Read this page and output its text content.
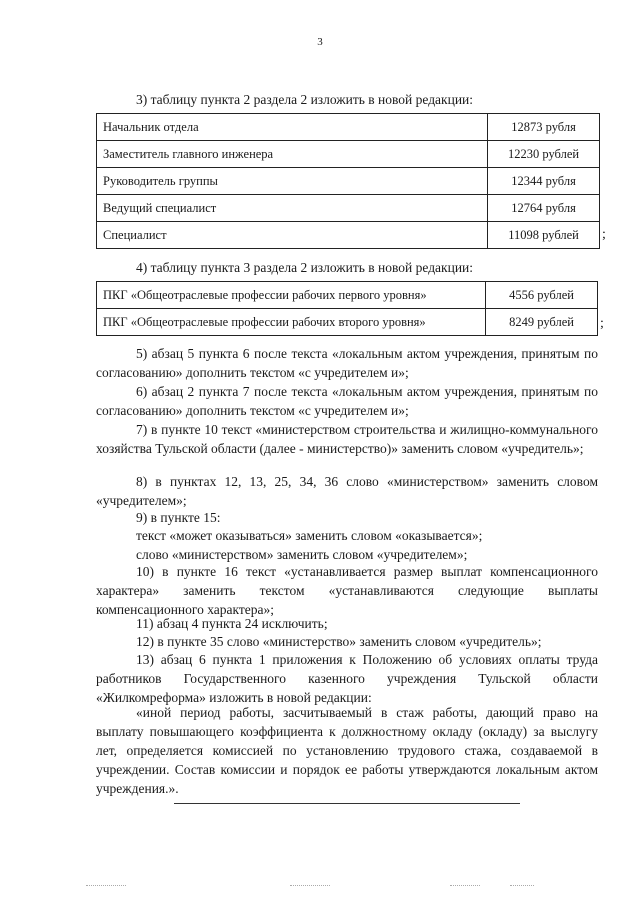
3

3) таблицу пункта 2 раздела 2 изложить в новой редакции:

Начальник отдела	12873 рубля
Заместитель главного инженера	12230 рублей
Руководитель группы	12344 рубля
Ведущий специалист	12764 рубля
Специалист	11098 рублей ;

4) таблицу пункта 3 раздела 2 изложить в новой редакции:

ПКГ «Общеотраслевые профессии рабочих первого уровня»	4556 рублей
ПКГ «Общеотраслевые профессии рабочих второго уровня»	8249 рублей ;

5) абзац 5 пункта 6 после текста «локальным актом учреждения, принятым по согласованию» дополнить текстом «с учредителем и»;

6) абзац 2 пункта 7 после текста «локальным актом учреждения, принятым по согласованию» дополнить текстом «с учредителем и»;

7) в пункте 10 текст «министерством строительства и жилищно-коммунального хозяйства Тульской области (далее - министерство)» заменить словом «учредитель»;

8) в пунктах 12, 13, 25, 34, 36 слово «министерством» заменить словом «учредителем»;

9) в пункте 15:

текст «может оказываться» заменить словом «оказывается»;

слово «министерством» заменить словом «учредителем»;

10) в пункте 16 текст «устанавливается размер выплат компенсационного характера» заменить текстом «устанавливаются следующие выплаты компенсационного характера»;

11) абзац 4 пункта 24 исключить;

12) в пункте 35 слово «министерство» заменить словом «учредитель»;

13) абзац 6 пункта 1 приложения к Положению об условиях оплаты труда работников Государственного казенного учреждения Тульской области «Жилкомреформа» изложить в новой редакции:

«иной период работы, засчитываемый в стаж работы, дающий право на выплату повышающего коэффициента к должностному окладу (окладу) за выслугу лет, определяется комиссией по установлению трудового стажа, создаваемой в учреждении. Состав комиссии и порядок ее работы утверждаются локальным актом учреждения.».
